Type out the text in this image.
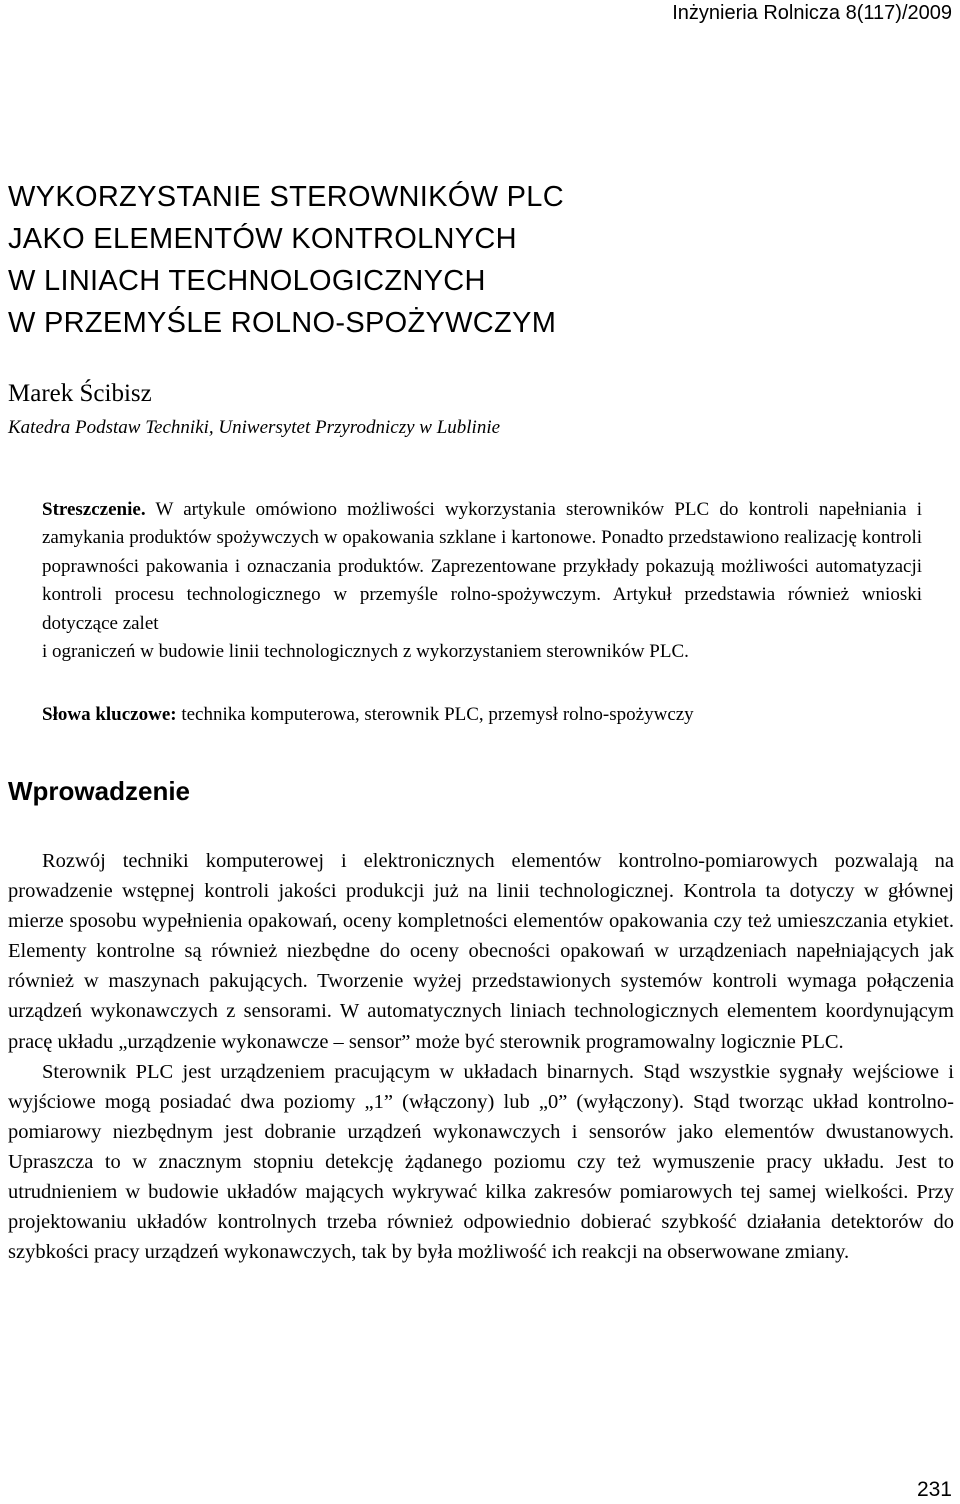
Inżynieria Rolnicza 8(117)/2009

WYKORZYSTANIE STEROWNIKÓW PLC

JAKO ELEMENTÓW KONTROLNYCH

W LINIACH TECHNOLOGICZNYCH

W PRZEMYŚLE ROLNO-SPOŻYWCZYM

Marek Ścibisz
Katedra Podstaw Techniki, Uniwersytet Przyrodniczy w Lublinie

Streszczenie. W artykule omówiono możliwości wykorzystania sterowników PLC do kontroli napełniania i zamykania produktów spożywczych w opakowania szklane i kartonowe. Ponadto przedstawiono realizację kontroli poprawności pakowania i oznaczania produktów. Zaprezentowane przykłady pokazują możliwości automatyzacji kontroli procesu technologicznego w przemyśle rolno-spożywczym. Artykuł przedstawia również wnioski dotyczące zalet

i ograniczeń w budowie linii technologicznych z wykorzystaniem sterowników PLC.

Słowa kluczowe: technika komputerowa, sterownik PLC, przemysł rolno-spożywczy
Wprowadzenie

Rozwój techniki komputerowej i elektronicznych elementów kontrolno-pomiarowych pozwalają na prowadzenie wstępnej kontroli jakości produkcji już na linii technologicznej. Kontrola ta dotyczy w głównej mierze sposobu wypełnienia opakowań, oceny kompletności elementów opakowania czy też umieszczania etykiet. Elementy kontrolne są również niezbędne do oceny obecności opakowań w urządzeniach napełniających jak również w maszynach pakujących. Tworzenie wyżej przedstawionych systemów kontroli wymaga połączenia urządzeń wykonawczych z sensorami. W automatycznych liniach technologicznych elementem koordynującym pracę układu „urządzenie wykonawcze – sensor” może być sterownik programowalny logicznie PLC.

Sterownik PLC jest urządzeniem pracującym w układach binarnych. Stąd wszystkie sygnały wejściowe i wyjściowe mogą posiadać dwa poziomy „1” (włączony) lub „0” (wyłączony). Stąd tworząc układ kontrolno-pomiarowy niezbędnym jest dobranie urządzeń wykonawczych i sensorów jako elementów dwustanowych. Upraszcza to w znacznym stopniu detekcję żądanego poziomu czy też wymuszenie pracy układu. Jest to utrudnieniem w budowie układów mających wykrywać kilka zakresów pomiarowych tej samej wielkości. Przy projektowaniu układów kontrolnych trzeba również odpowiednio dobierać szybkość działania detektorów do szybkości pracy urządzeń wykonawczych, tak by była możliwość ich reakcji na obserwowane zmiany.

231
